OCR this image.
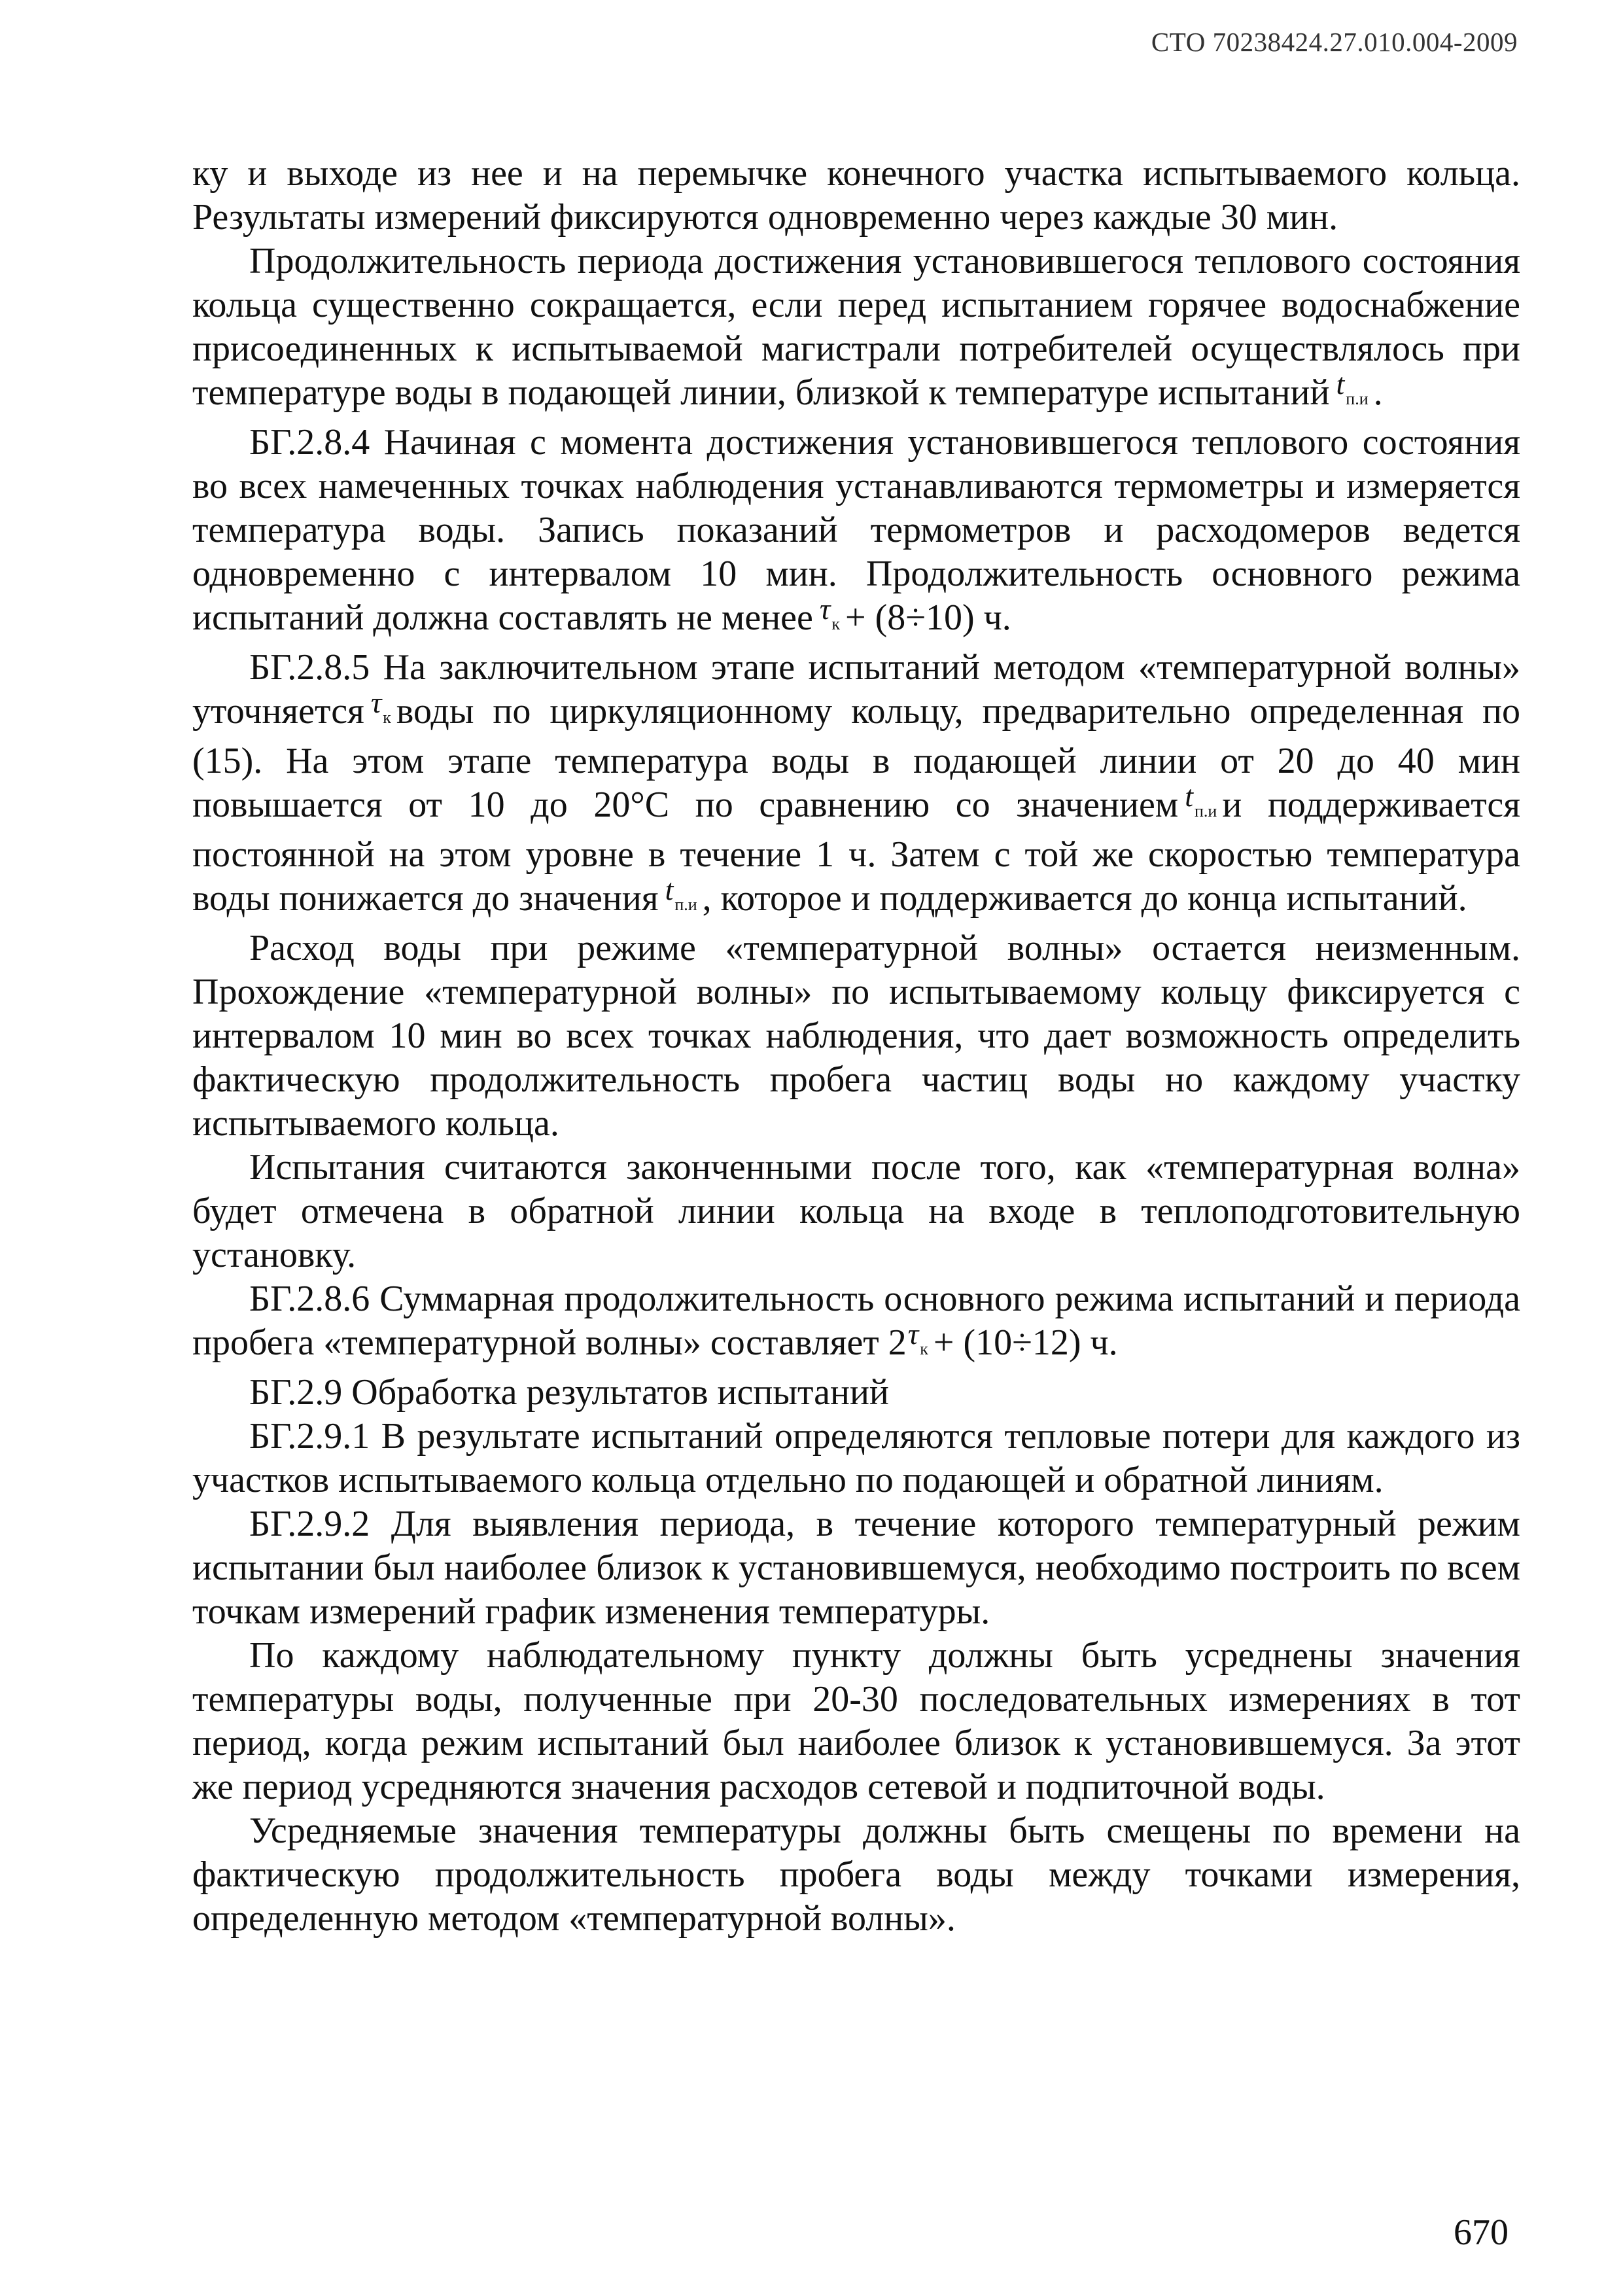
СТО 70238424.27.010.004-2009

ку и выходе из нее и на перемычке конечного участка испытываемого кольца. Результаты измерений фиксируются одновременно через каждые 30 мин.

Продолжительность периода достижения установившегося теплового состояния кольца существенно сокращается, если перед испытанием горячее водоснабжение присоединенных к испытываемой магистрали потребителей осуществлялось при температуре воды в подающей линии, близкой к температуре испытаний $^t$п.и .

БГ.2.8.4 Начиная с момента достижения установившегося теплового состояния во всех намеченных точках наблюдения устанавливаются термометры и измеряется температура воды. Запись показаний термометров и расходомеров ведется одновременно с интервалом 10 мин. Продолжительность основного режима испытаний должна составлять не менее $^\tau$к + (8÷10) ч.

БГ.2.8.5 На заключительном этапе испытаний методом «температурной волны» уточняется $^\tau$к воды по циркуляционному кольцу, предварительно определенная по (15). На этом этапе температура воды в подающей линии от 20 до 40 мин повышается от 10 до 20°С по сравнению со значением $^t$п.и и поддерживается постоянной на этом уровне в течение 1 ч. Затем с той же скоростью температура воды понижается до значения $^t$п.и , которое и поддерживается до конца испытаний.

Расход воды при режиме «температурной волны» остается неизменным. Прохождение «температурной волны» по испытываемому кольцу фиксируется с интервалом 10 мин во всех точках наблюдения, что дает возможность определить фактическую продолжительность пробега частиц воды но каждому участку испытываемого кольца.

Испытания считаются законченными после того, как «температурная волна» будет отмечена в обратной линии кольца на входе в теплоподготовительную установку.

БГ.2.8.6 Суммарная продолжительность основного режима испытаний и периода пробега «температурной волны» составляет $2^\tau к + (10\div 12)$ ч.

БГ.2.9 Обработка результатов испытаний

БГ.2.9.1 В результате испытаний определяются тепловые потери для каждого из участков испытываемого кольца отдельно по подающей и обратной линиям.

БГ.2.9.2 Для выявления периода, в течение которого температурный режим испытании был наиболее близок к установившемуся, необходимо построить по всем точкам измерений график изменения температуры.

По каждому наблюдательному пункту должны быть усреднены значения температуры воды, полученные при 20-30 последовательных измерениях в тот период, когда режим испытаний был наиболее близок к установившемуся. За этот же период усредняются значения расходов сетевой и подпиточной воды.

Усредняемые значения температуры должны быть смещены по времени на фактическую продолжительность пробега воды между точками измерения, определенную методом «температурной волны».

670
